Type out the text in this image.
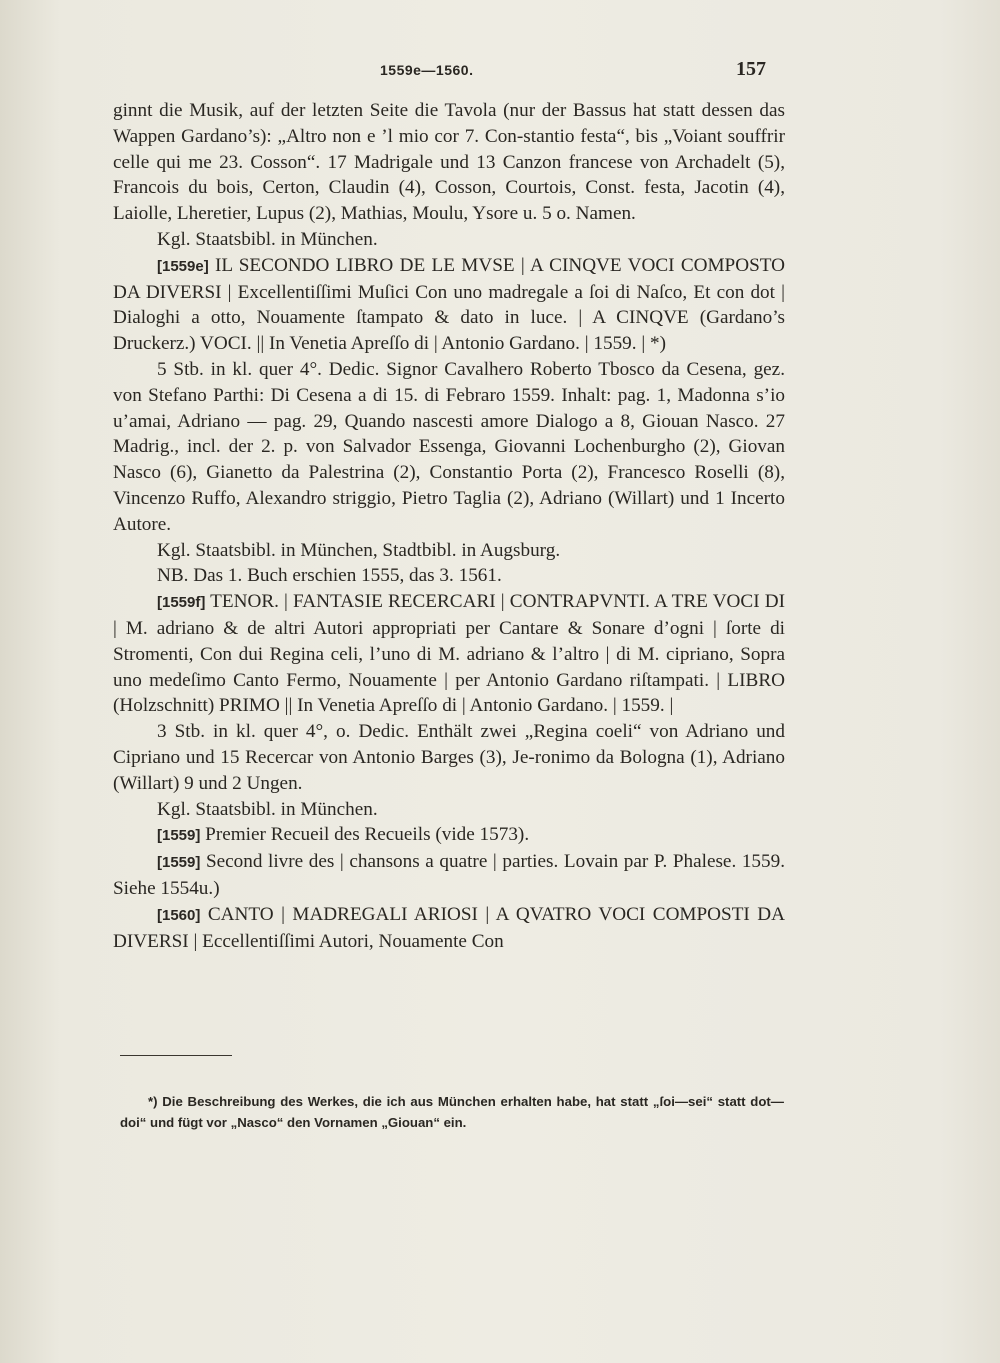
1559e—1560.	157

ginnt die Musik, auf der letzten Seite die Tavola (nur der Bassus hat statt dessen das Wappen Gardano’s): „Altro non e ’l mio cor 7. Con-stantio festa“, bis „Voiant souffrir celle qui me 23. Cosson“. 17 Madrigale und 13 Canzon francese von Archadelt (5), Francois du bois, Certon, Claudin (4), Cosson, Courtois, Const. festa, Jacotin (4), Laiolle, Lheretier, Lupus (2), Mathias, Moulu, Ysore u. 5 o. Namen.

Kgl. Staatsbibl. in München.

[1559e] IL SECONDO LIBRO DE LE MVSE | A CINQVE VOCI COMPOSTO DA DIVERSI | Excellentiſſimi Muſici Con uno madregale a ſoi di Naſco, Et con dot | Dialoghi a otto, Nouamente ſtampato & dato in luce. | A CINQVE (Gardano’s Druckerz.) VOCI. || In Venetia Apreſſo di | Antonio Gardano. | 1559. | *)

5 Stb. in kl. quer 4°. Dedic. Signor Cavalhero Roberto Tbosco da Cesena, gez. von Stefano Parthi: Di Cesena a di 15. di Febraro 1559. Inhalt: pag. 1, Madonna s’io u’amai, Adriano — pag. 29, Quando nascesti amore Dialogo a 8, Giouan Nasco. 27 Madrig., incl. der 2. p. von Salvador Essenga, Giovanni Lochenburgho (2), Giovan Nasco (6), Gianetto da Palestrina (2), Constantio Porta (2), Francesco Roselli (8), Vincenzo Ruffo, Alexandro striggio, Pietro Taglia (2), Adriano (Willart) und 1 Incerto Autore.

Kgl. Staatsbibl. in München, Stadtbibl. in Augsburg.

NB. Das 1. Buch erschien 1555, das 3. 1561.

[1559f] TENOR. | FANTASIE RECERCARI | CONTRAPVNTI. A TRE VOCI DI | M. adriano & de altri Autori appropriati per Cantare & Sonare d’ogni | ſorte di Stromenti, Con dui Regina celi, l’uno di M. adriano & l’altro | di M. cipriano, Sopra uno medeſimo Canto Fermo, Nouamente | per Antonio Gardano riſtampati. | LIBRO (Holzschnitt) PRIMO || In Venetia Apreſſo di | Antonio Gardano. | 1559. |

3 Stb. in kl. quer 4°, o. Dedic. Enthält zwei „Regina coeli“ von Adriano und Cipriano und 15 Recercar von Antonio Barges (3), Je-ronimo da Bologna (1), Adriano (Willart) 9 und 2 Ungen.

Kgl. Staatsbibl. in München.

[1559] Premier Recueil des Recueils (vide 1573).

[1559] Second livre des | chansons a quatre | parties. Lovain par P. Phalese. 1559. Siehe 1554u.)

[1560] CANTO | MADREGALI ARIOSI | A QVATRO VOCI COMPOSTI DA DIVERSI | Eccellentiſſimi Autori, Nouamente Con

*) Die Beschreibung des Werkes, die ich aus München erhalten habe, hat statt „ſoi—sei“ statt dot—doi“ und fügt vor „Nasco“ den Vornamen „Giouan“ ein.
